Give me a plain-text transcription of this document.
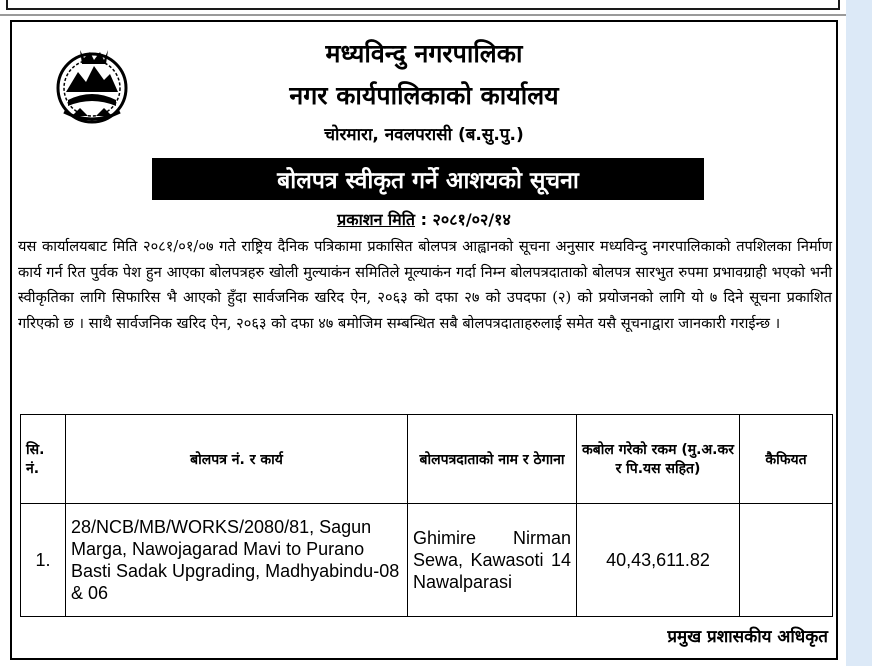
मध्यविन्दु नगरपालिका
नगर कार्यपालिकाको कार्यालय
चोरमारा, नवलपरासी (ब.सु.पु.)
बोलपत्र स्वीकृत गर्ने आशयको सूचना
प्रकाशन मिति : २०८१/०२/१४

यस कार्यालयबाट मिति २०८१/०१/०७ गते राष्ट्रिय दैनिक पत्रिकामा प्रकासित बोलपत्र आह्वानको सूचना अनुसार मध्यविन्दु नगरपालिकाको तपशिलका निर्माण कार्य गर्न रित पुर्वक पेश हुन आएका बोलपत्रहरु खोली मुल्याकंन समितिले मूल्याकंन गर्दा निम्न बोलपत्रदाताको बोलपत्र सारभुत रुपमा प्रभावग्राही भएको भनी स्वीकृतिका लागि सिफारिस भै आएको हुँदा सार्वजनिक खरिद ऐन, २०६३ को दफा २७ को उपदफा (२) को प्रयोजनको लागि यो ७ दिने सूचना प्रकाशित गरिएको छ । साथै सार्वजनिक खरिद ऐन, २०६३ को दफा ४७ बमोजिम सम्बन्धित सबै बोलपत्रदाताहरुलाई समेत यसै सूचनाद्वारा जानकारी गराईन्छ ।

सि. नं.	बोलपत्र नं. र कार्य	बोलपत्रदाताको नाम र ठेगाना	कबोल गरेको रकम (मु.अ.कर र पि.यस सहित)	कैफियत
1.	28/NCB/MB/WORKS/2080/81, Sagun Marga, Nawojagarad Mavi to Purano Basti Sadak Upgrading, Madhyabindu-08 & 06	Ghimire Nirman Sewa, Kawasoti 14 Nawalparasi	40,43,611.82	
प्रमुख प्रशासकीय अधिकृत
